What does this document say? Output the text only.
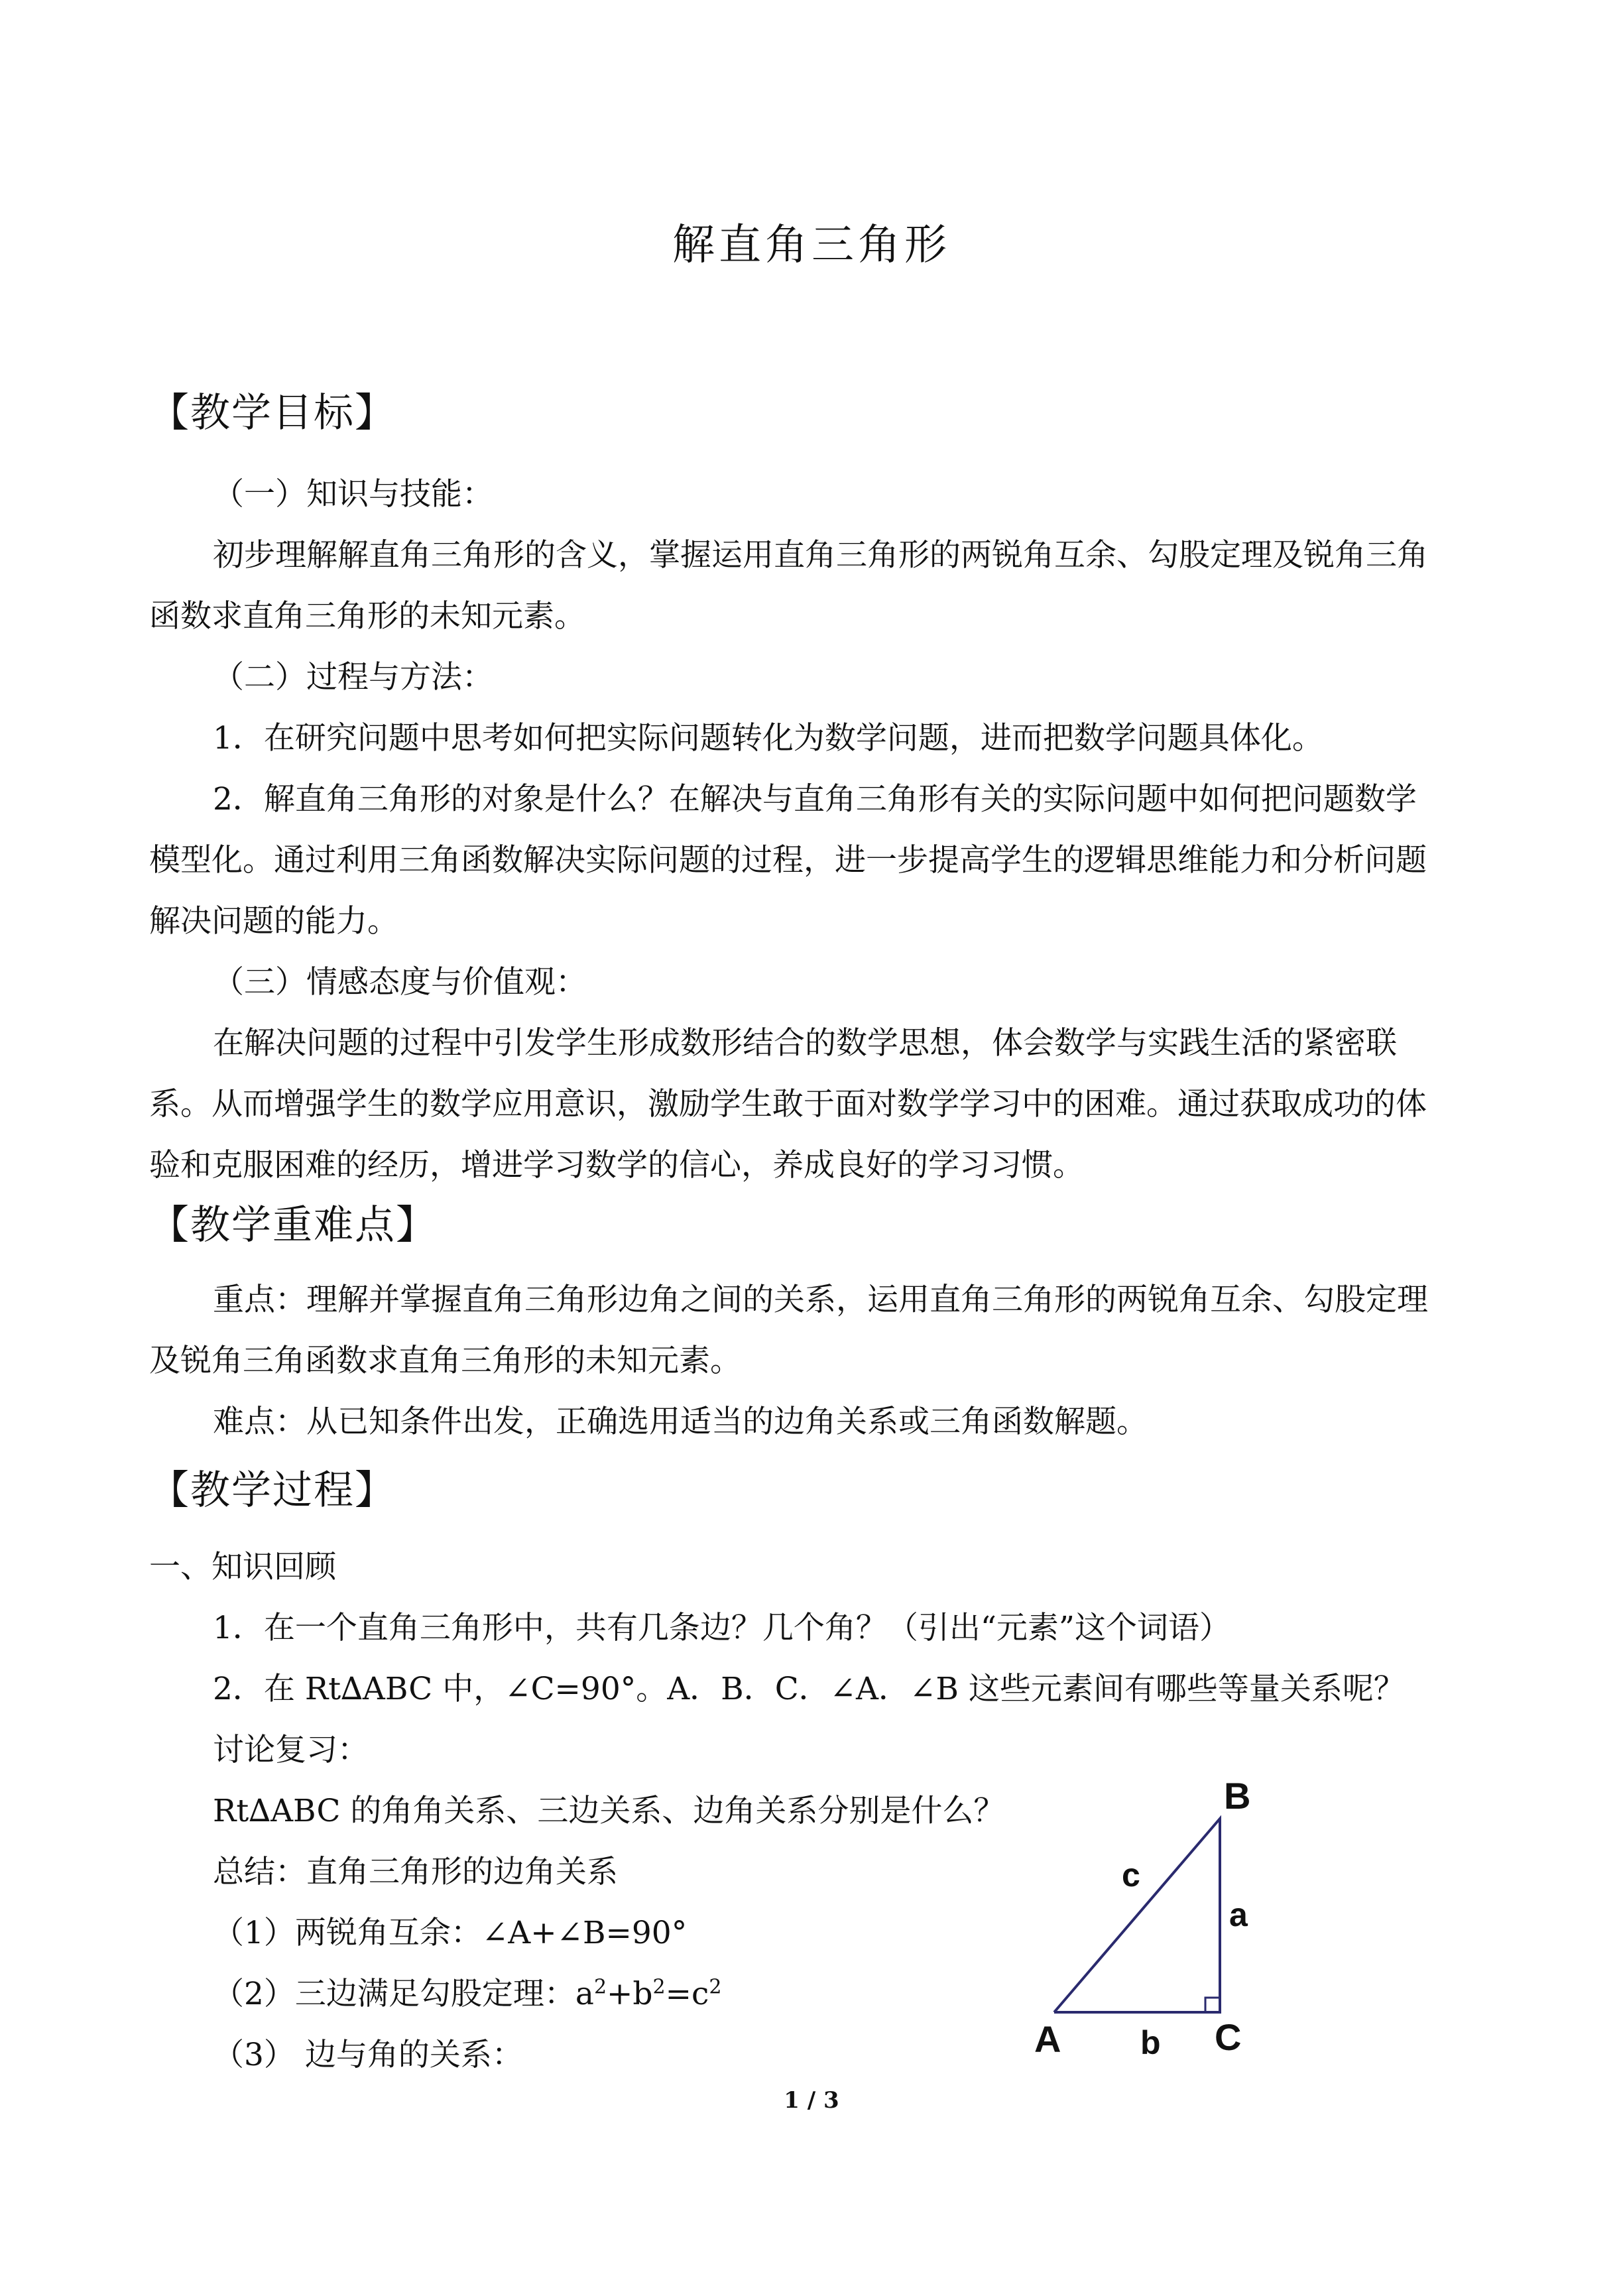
解直角三角形
【教学目标】
（一）知识与技能：
初步理解解直角三角形的含义，掌握运用直角三角形的两锐角互余、勾股定理及锐角三角
函数求直角三角形的未知元素。
（二）过程与方法：
1．在研究问题中思考如何把实际问题转化为数学问题，进而把数学问题具体化。
2．解直角三角形的对象是什么？在解决与直角三角形有关的实际问题中如何把问题数学
模型化。通过利用三角函数解决实际问题的过程，进一步提高学生的逻辑思维能力和分析问题
解决问题的能力。
（三）情感态度与价值观：
在解决问题的过程中引发学生形成数形结合的数学思想，体会数学与实践生活的紧密联
系。从而增强学生的数学应用意识，激励学生敢于面对数学学习中的困难。通过获取成功的体
验和克服困难的经历，增进学习数学的信心，养成良好的学习习惯。
【教学重难点】
重点：理解并掌握直角三角形边角之间的关系，运用直角三角形的两锐角互余、勾股定理
及锐角三角函数求直角三角形的未知元素。
难点：从已知条件出发，正确选用适当的边角关系或三角函数解题。
【教学过程】
一、知识回顾
1．在一个直角三角形中，共有几条边？几个角？（引出“元素”这个词语）
2．在 Rt∆ABC 中，∠C=90°。A．B．C．∠A．∠B 这些元素间有哪些等量关系呢？
讨论复习：
Rt∆ABC 的角角关系、三边关系、边角关系分别是什么？
总结：直角三角形的边角关系
（1）两锐角互余：∠A+∠B=90°
（2）三边满足勾股定理：$a^2+b^2=c^2$
（3） 边与角的关系：
B
c
a
A b C
1 / 3
